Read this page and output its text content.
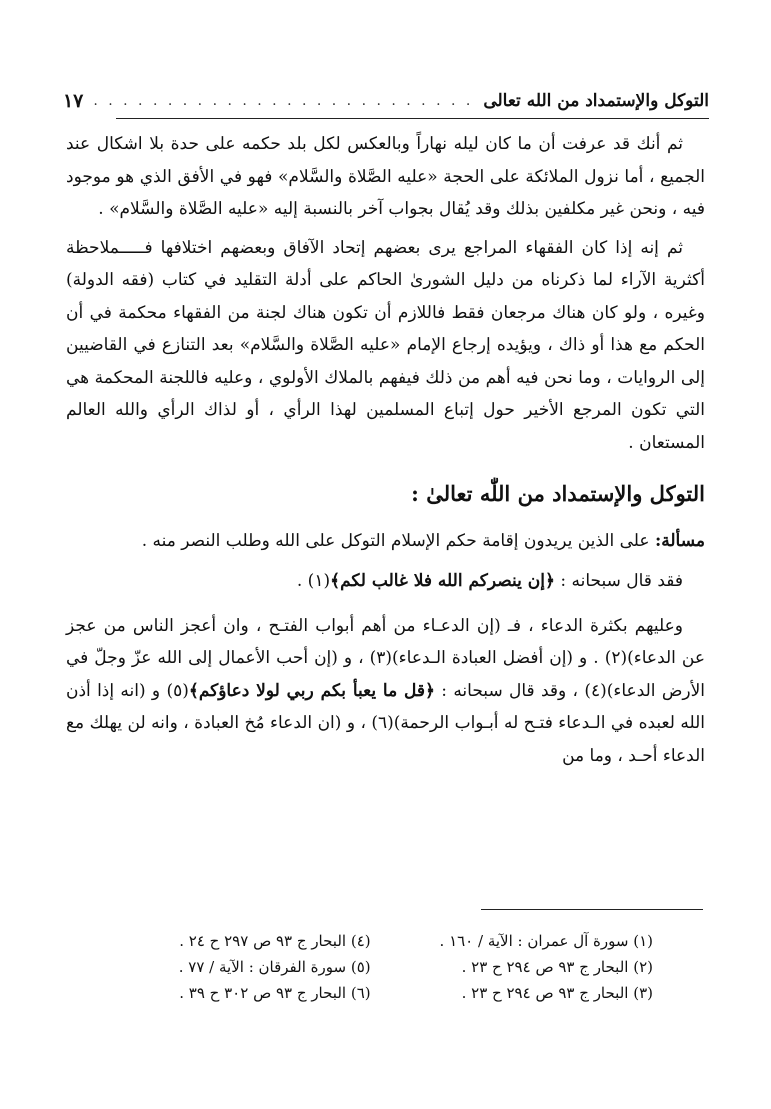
التوكل والإستمداد من الله تعالى
. . . . . . . . . . . . . . . . . . . . . . . . . .
١٧

ثم أنك قد عرفت أن ما كان ليله نهاراً وبالعكس لكل بلد حكمه على حدة بلا اشكال عند الجميع ، أما نزول الملائكة على الحجة «عليه الصَّلاة والسَّلام» فهو في الأفق الذي هو موجود فيه ، ونحن غير مكلفين بذلك وقد يُقال بجواب آخر بالنسبة إليه «عليه الصَّلاة والسَّلام» .

ثم إنه إذا كان الفقهاء المراجع يرى بعضهم إتحاد الآفاق وبعضهم اختلافها فـــــملاحظة أكثرية الآراء لما ذكرناه من دليل الشورىٰ الحاكم على أدلة التقليد في كتاب (فقه الدولة) وغيره ، ولو كان هناك مرجعان فقط فاللازم أن تكون هناك لجنة من الفقهاء محكمة في أن الحكم مع هذا أو ذاك ، ويؤيده إرجاع الإمام «عليه الصَّلاة والسَّلام» بعد التنازع في القاضيين إلى الروايات ، وما نحن فيه أهم من ذلك فيفهم بالملاك الأولوي ، وعليه فاللجنة المحكمة هي التي تكون المرجع الأخير حول إتباع المسلمين لهذا الرأي ، أو لذاك الرأي والله العالم المستعان .

التوكل والإستمداد من اللّٰه تعالىٰ :

مسألة: على الذين يريدون إقامة حكم الإسلام التوكل على الله وطلب النصر منه .

فقد قال سبحانه : ﴿إن ينصركم الله فلا غالب لكم﴾(١) .

وعليهم بكثرة الدعاء ، فـ (إن الدعـاء من أهم أبواب الفتـح ، وان أعجز الناس من عجز عن الدعاء)(٢) . و (إن أفضل العبادة الـدعاء)(٣) ، و (إن أحب الأعمال إلى الله عزّ وجلّ في الأرض الدعاء)(٤) ، وقد قال سبحانه : ﴿قل ما يعبأ بكم ربي لولا دعاؤكم﴾(٥) و (انه إذا أذن الله لعبده في الـدعاء فتـح له أبـواب الرحمة)(٦) ، و (ان الدعاء مُخ العبادة ، وانه لن يهلك مع الدعاء أحـد ، وما من

(١) سورة آل عمران : الآية / ١٦٠ .
(٢) البحار ج ٩٣ ص ٢٩٤ ح ٢٣ .
(٣) البحار ج ٩٣ ص ٢٩٤ ح ٢٣ .
(٤) البحار ج ٩٣ ص ٢٩٧ ح ٢٤ .
(٥) سورة الفرقان : الآية / ٧٧ .
(٦) البحار ج ٩٣ ص ٣٠٢ ح ٣٩ .
